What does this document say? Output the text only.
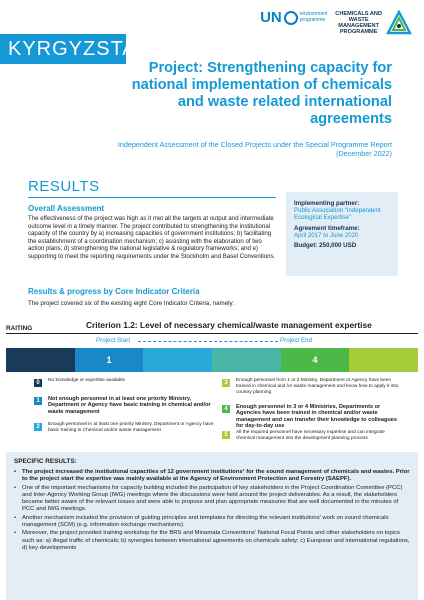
UN	environment
programme
CHEMICALS AND
WASTE
MANAGEMENT
PROGRAMME
KYRGYZSTAN
Project: Strengthening capacity for national implementation of chemicals and waste related international agreements
Independent Assessment of the Closed Projects under the Special Programme Report (December 2022)
RESULTS
Overall Assessment
The effectiveness of the project was high as it met all the targets at output and intermediate outcome level in a timely manner. The project contributed to strengthening the institutional capacity of the country by a) increasing capacities of government institutions; b) facilitating the establishment of a coordination mechanism; c) assisting with the elaboration of two action plans; d) strengthening the national legislative & regulatory frameworks; and e) supporting to meet the reporting requirements under the Stockholm and Basel Conventions.
Results & progress by Core Indicator Criteria
The project covered six of the existing eight Core Indicator Criteria, namely:
Implementing partner:
Public Association “Independent Ecological Expertise”
Agreement timeframe:
April 2017 to June 2020
Budget: 250,000 USD
RAITING	Criterion 1.2: Level of necessary chemical/waste management expertise
Project Start	Project End
1	4
0	No knowledge or expertise available
1	Not enough personnel in at least one priority Ministry, Department or Agency have basic training in chemical and/or waste management
2	Enough personnel in at least one priority Ministry, Department or Agency have basic training in Chemical and/or waste management
3	Enough personnel from 1 or 2 Ministry, Department or Agency have been trained in chemical and /or waste management and know how to apply it into country planning
4	Enough personnel in 3 or 4 Ministries, Departments or Agencies have been trained in chemical and/or waste management and can transfer their knowledge to colleagues for day-to-day use
5	All the required personnel have necessary expertise and can integrate chemical management into the development planning process
SPECIFIC RESULTS:
• The project increased the institutional capacities of 12 government institutions¹ for the sound management of chemicals and wastes. Prior to the project start the expertise was mainly available at the Agency of Environment Protection and Forestry (SAEPF).
• One of the important mechanisms for capacity building included the participation of key stakeholders in the Project Coordination Committee (PCC) and Inter-Agency Working Group (IWG) meetings where the discussions were held around the project deliverables. As a result, the stakeholders became better aware of the relevant issues and were able to propose and plan appropriate measures that are well documented in the minutes of PCC and IWG meetings.
• Another mechanism included the provision of guiding principles and templates for directing the relevant institutions' work on sound chemicals management (SCM) (e.g. information exchange mechanisms).
• Moreover, the project provided training workshop for the BRS and Minamata Conventions' National Focal Points and other stakeholders on topics such as: a) illegal traffic of chemicals; b) synergies between international agreements on chemicals safety; c) European and international regulations, d) key developments
